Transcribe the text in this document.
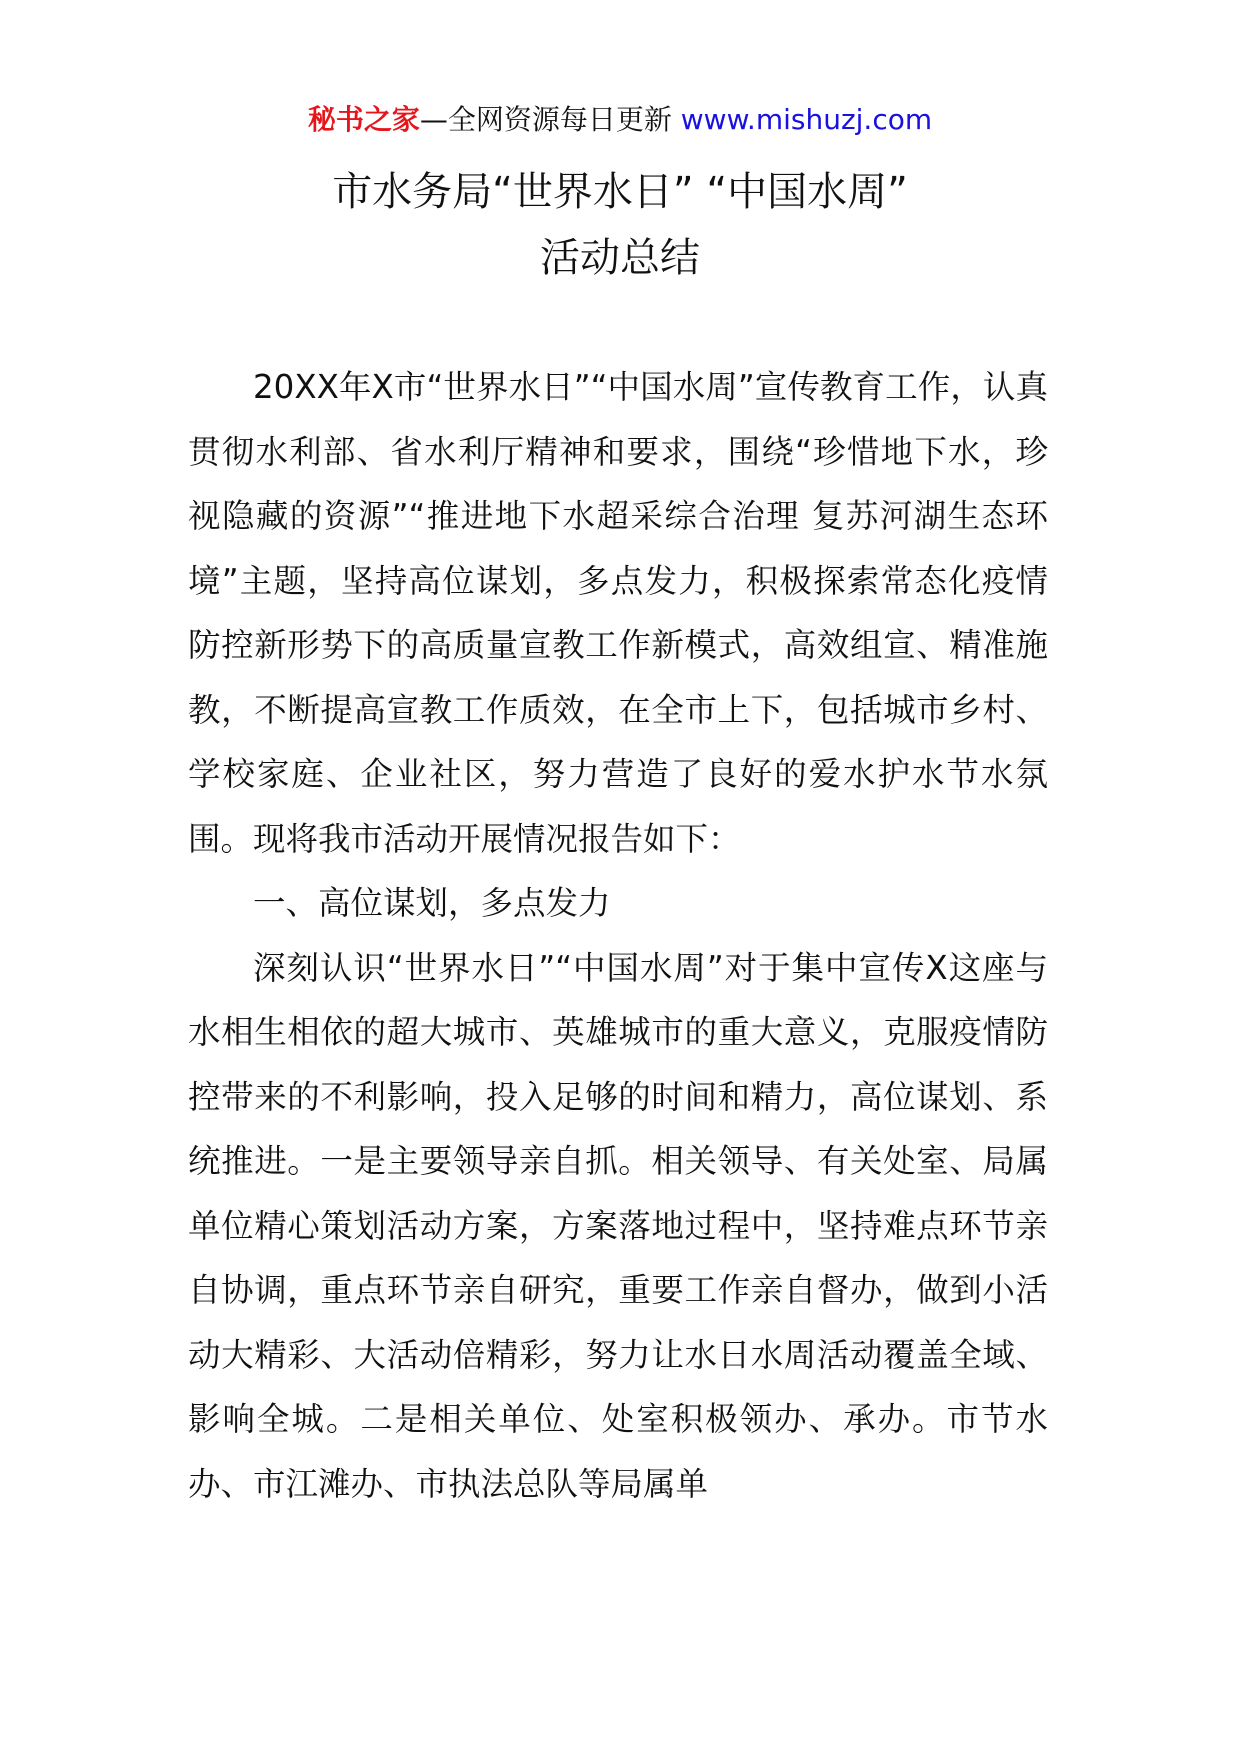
秘书之家—全网资源每日更新 www.mishuzj.com
市水务局“世界水日” “中国水周”
活动总结

20XX年X市“世界水日”“中国水周”宣传教育工作，认真贯彻水利部、省水利厅精神和要求，围绕“珍惜地下水，珍视隐藏的资源”“推进地下水超采综合治理 复苏河湖生态环境”主题，坚持高位谋划，多点发力，积极探索常态化疫情防控新形势下的高质量宣教工作新模式，高效组宣、精准施教，不断提高宣教工作质效，在全市上下，包括城市乡村、学校家庭、企业社区，努力营造了良好的爱水护水节水氛围。现将我市活动开展情况报告如下：

一、高位谋划，多点发力

深刻认识“世界水日”“中国水周”对于集中宣传X这座与水相生相依的超大城市、英雄城市的重大意义，克服疫情防控带来的不利影响，投入足够的时间和精力，高位谋划、系统推进。一是主要领导亲自抓。相关领导、有关处室、局属单位精心策划活动方案，方案落地过程中，坚持难点环节亲自协调，重点环节亲自研究，重要工作亲自督办，做到小活动大精彩、大活动倍精彩，努力让水日水周活动覆盖全域、影响全城。二是相关单位、处室积极领办、承办。市节水办、市江滩办、市执法总队等局属单
